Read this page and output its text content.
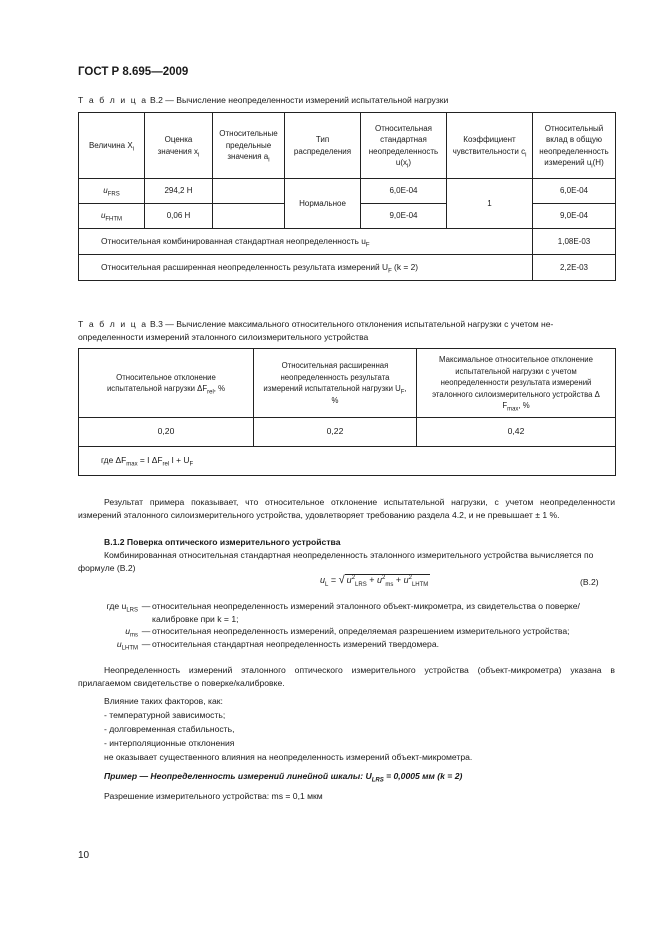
ГОСТ Р 8.695—2009
Т а б л и ц а В.2 — Вычисление неопределенности измерений испытательной нагрузки
Величина $X_i$	Оценка значения $x_i$	Относительные предельные значения $a_i$	Тип распределения	Относительная стандартная неопределенность $u(x_i)$	Коэффициент чувствительности $c_i$	Относительный вклад в общую неопределенность измерений $u_i(H)$
$u_{FRS}$	294,2 Н		Нормальное	6,0E-04	1	6,0E-04
$u_{FHTM}$	0,06 Н			9,0E-04		9,0E-04
Относительная комбинированная стандартная неопределенность $u_F$						1,08E-03
Относительная расширенная неопределенность результата измерений $U_F$ (k = 2)						2,2E-03
Т а б л и ц а В.3 — Вычисление максимального относительного отклонения испытательной нагрузки с учетом не-
определенности измерений эталонного силоизмерительного устройства
Относительное отклонение испытательной нагрузки $\Delta F_{rel}$, %	Относительная расширенная неопределенность результата измерений испытательной нагрузки $U_F$, %	Максимальное относительное отклонение испытательной нагрузки с учетом неопределенности результата измерений эталонного силоизмерительного устройства Δ $F_{max}$, %
0,20	0,22	0,42
где $\Delta F_{max} = I$ $\Delta F_{rel}$ $I + U_F$
Результат примера показывает, что относительное отклонение испытательной нагрузки, с учетом неопределенности измерений эталонного силоизмерительного устройства, удовлетворяет требованию раздела 4.2, и не превышает ± 1 %.
В.1.2 Поверка оптического измерительного устройства
Комбинированная относительная стандартная неопределенность эталонного измерительного устройства вычисляется по формуле (В.2)
$u_L$ = √ $u^2_{LRS} + u^2_{ms} + u^2_{LHTM}$	(В.2)
где $u_{LRS}$ — относительная неопределенность измерений эталонного объект-микрометра, из свидетельства о поверке/калибровке при k = 1;
$u_{ms}$ — относительная неопределенность измерений, определяемая разрешением измерительного устройства;
$u_{LHTM}$ — относительная стандартная неопределенность измерений твердомера.
Неопределенность измерений эталонного оптического измерительного устройства (объект-микрометра) указана в прилагаемом свидетельстве о поверке/калибровке.
Влияние таких факторов, как:
- температурной зависимость;
- долговременная стабильность,
- интерполяционные отклонения
не оказывает существенного влияния на неопределенность измерений объект-микрометра.
Пример — Неопределенность измерений линейной шкалы: $U_{LRS} = 0,0005$ мм (k = 2)
Разрешение измерительного устройства: ms = 0,1 мкм
10
